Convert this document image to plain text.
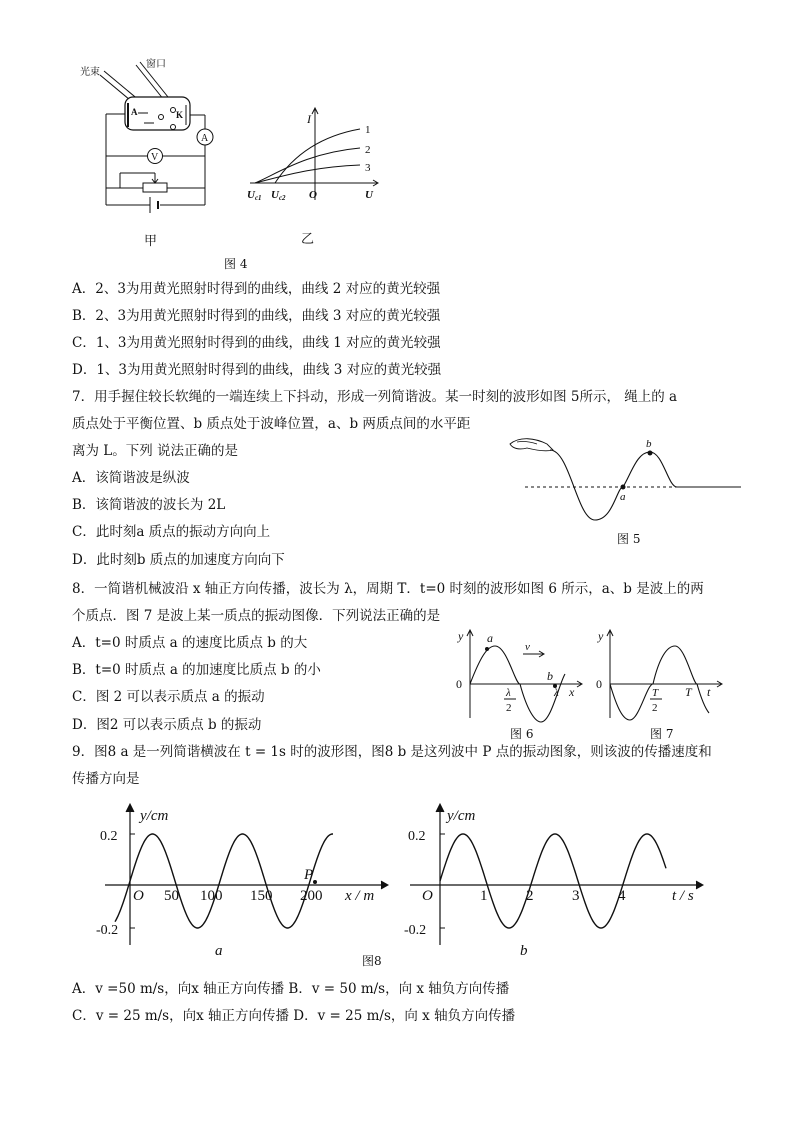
光束
窗口
A	K
A
V
甲
I
1
2
3
Uc1 Uc2 O	U
乙
图 4
A．2、3为用黄光照射时得到的曲线，曲线 2 对应的黄光较强
B．2、3为用黄光照射时得到的曲线，曲线 3 对应的黄光较强
C．1、3为用黄光照射时得到的曲线，曲线 1 对应的黄光较强
D．1、3为用黄光照射时得到的曲线，曲线 3 对应的黄光较强
7．用手握住较长软绳的一端连续上下抖动，形成一列简谐波。某一时刻的波形如图 5所示， 绳上的 a
质点处于平衡位置、b 质点处于波峰位置，a、b 两质点间的水平距
离为 L。下列 说法正确的是
A．该简谐波是纵波
B．该简谐波的波长为 2L
C．此时刻a 质点的振动方向向上
D．此时刻b 质点的加速度方向向下
a
b
图 5
8．一简谐机械波沿 x 轴正方向传播，波长为 λ，周期 T．t=0 时刻的波形如图 6 所示，a、b 是波上的两
个质点．图 7 是波上某一质点的振动图像．下列说法正确的是
A．t=0 时质点 a 的速度比质点 b 的大
B．t=0 时质点 a 的加速度比质点 b 的小
C．图 2 可以表示质点 a 的振动
D．图2 可以表示质点 b 的振动
y a
v
b
0
λ
2
λ x
图 6
y
0
T
2
T t
图 7
9．图8 a 是一列简谐横波在 t = 1s 时的波形图，图8 b 是这列波中 P 点的振动图象，则该波的传播速度和
传播方向是
y/cm
0.2
-0.2
O 50 100 150 200
P
x / m
a
y/cm
0.2
-0.2
O	1	2	3	4	t / s
b
图8
A．v =50 m/s，向x 轴正方向传播 B．v = 50 m/s，向 x 轴负方向传播
C．v = 25 m/s，向x 轴正方向传播 D．v = 25 m/s，向 x 轴负方向传播
